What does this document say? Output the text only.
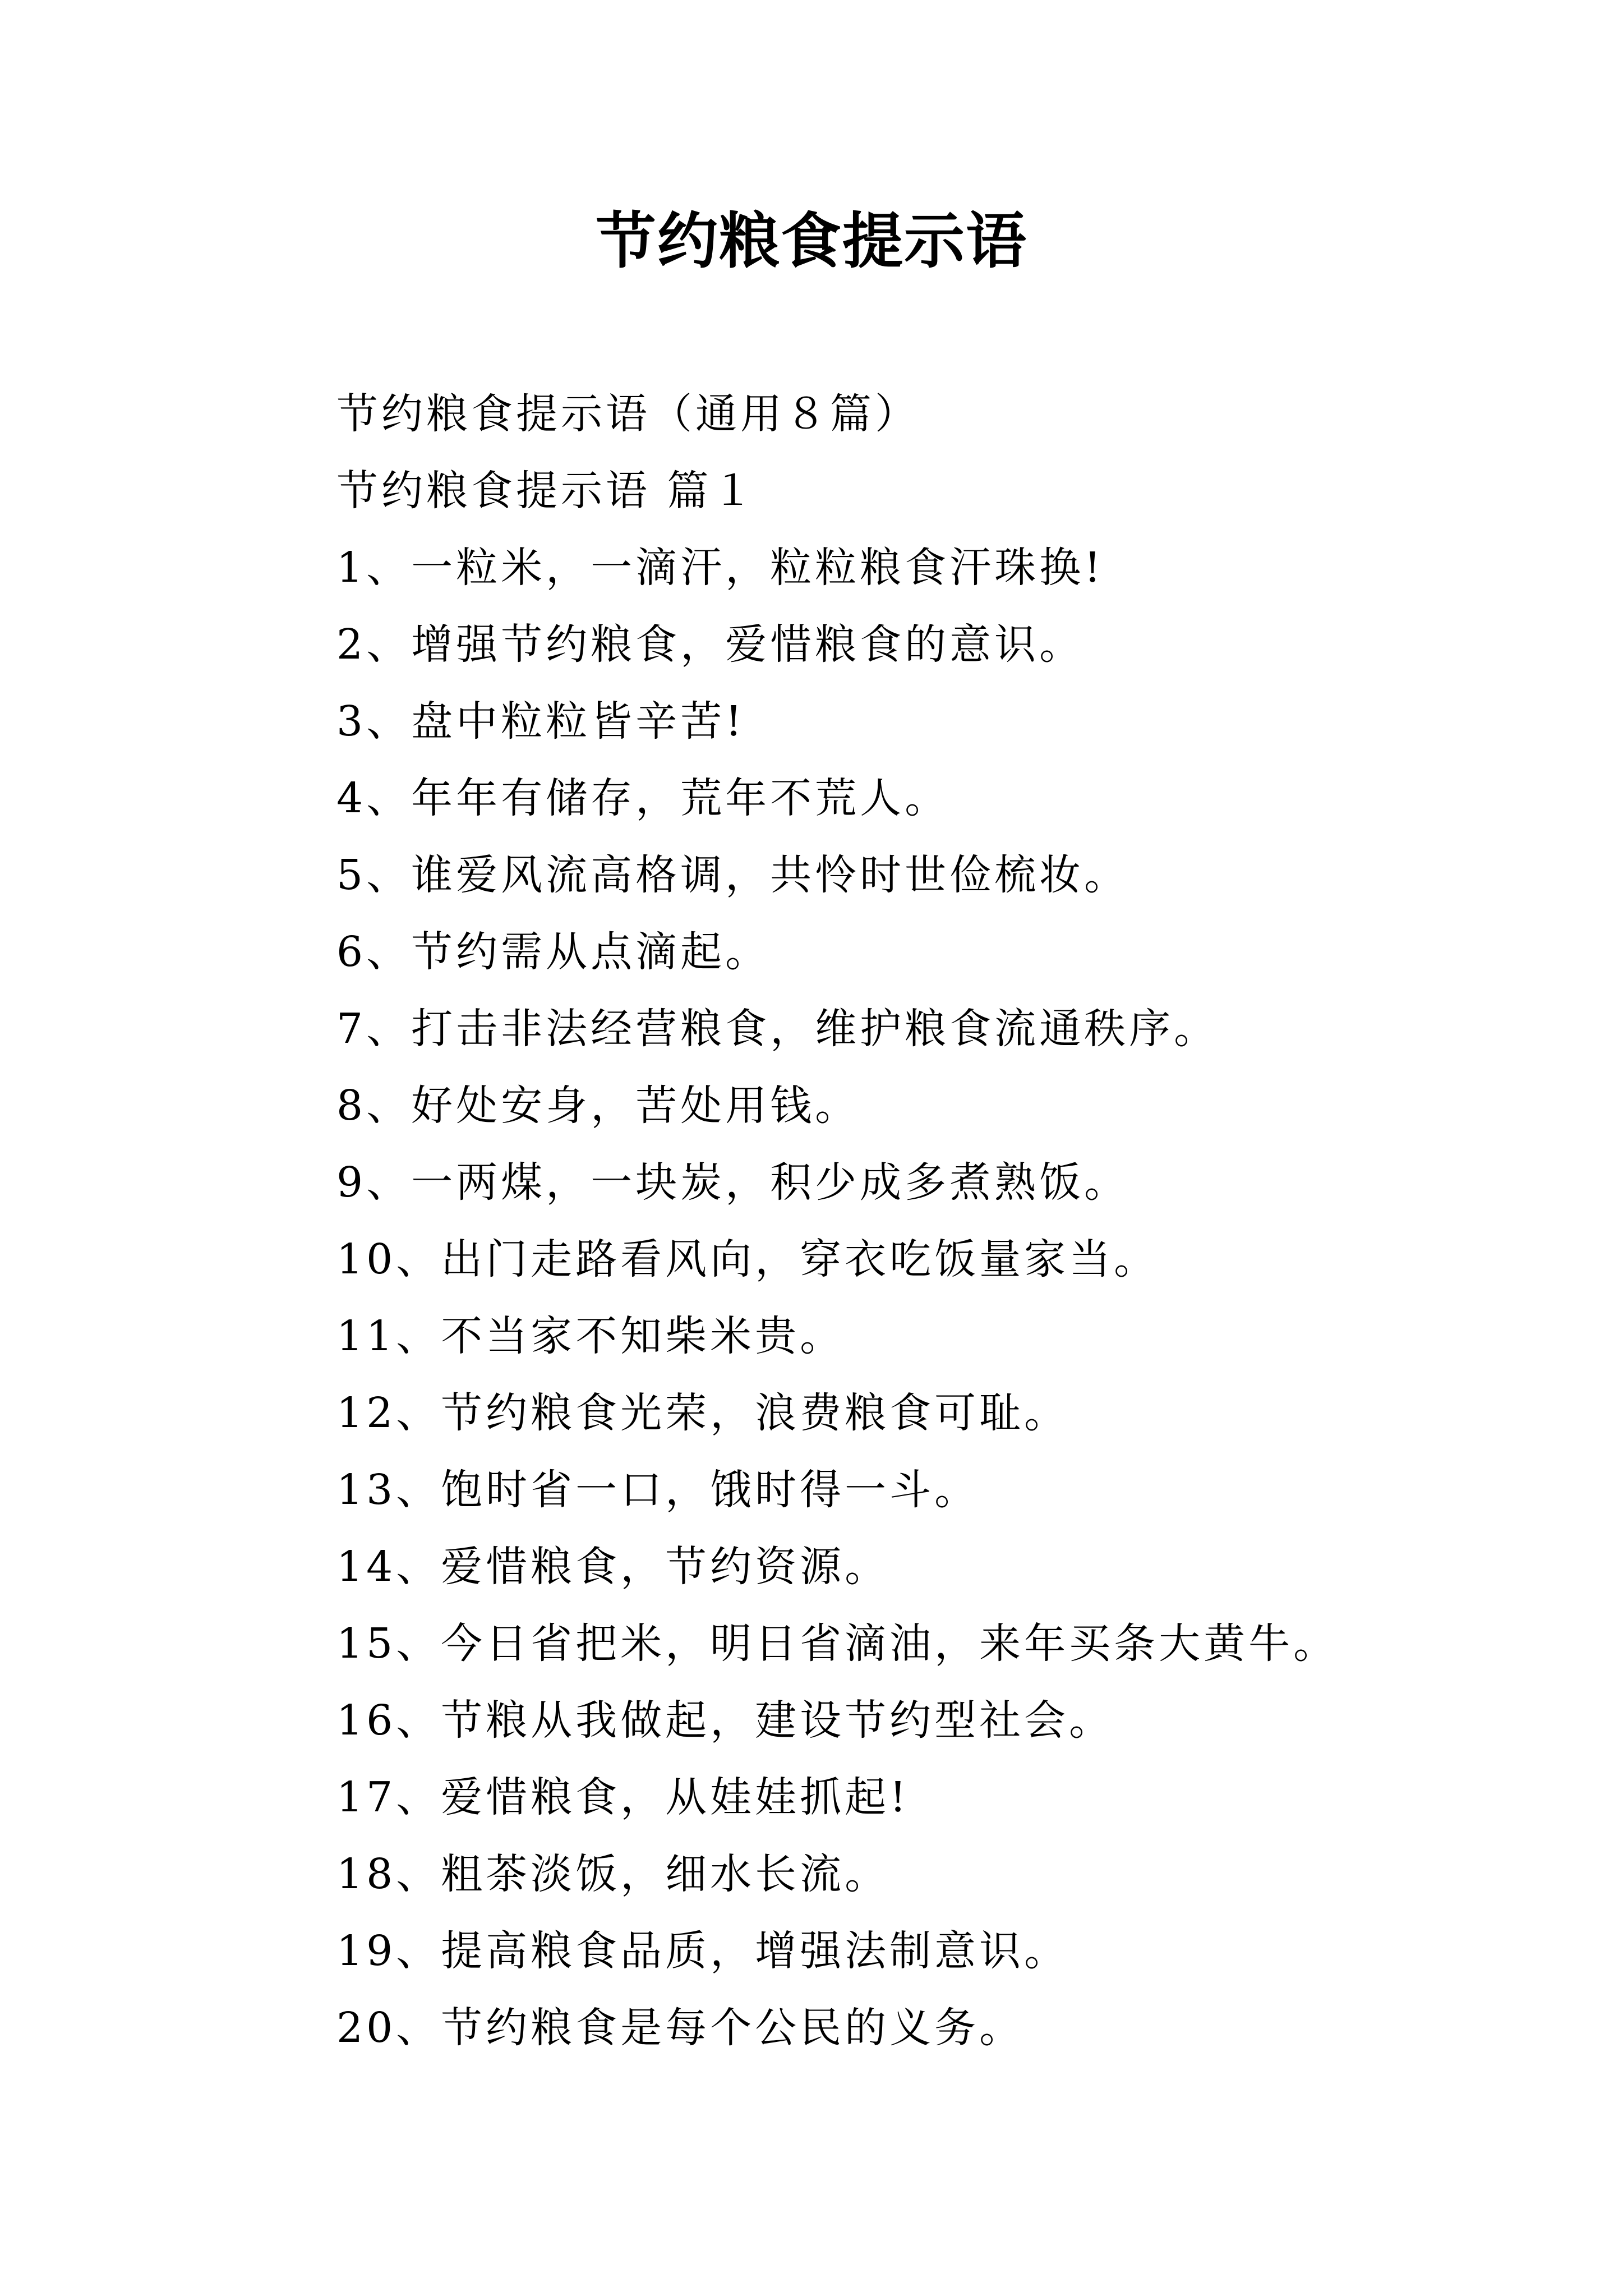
节约粮食提示语
节约粮食提示语（通用８篇）
节约粮食提示语 篇１
1、一粒米，一滴汗，粒粒粮食汗珠换!
2、增强节约粮食，爱惜粮食的意识。
3、盘中粒粒皆辛苦!
4、年年有储存，荒年不荒人。
5、谁爱风流高格调，共怜时世俭梳妆。
6、节约需从点滴起。
7、打击非法经营粮食，维护粮食流通秩序。
8、好处安身，苦处用钱。
9、一两煤，一块炭，积少成多煮熟饭。
10、出门走路看风向，穿衣吃饭量家当。
11、不当家不知柴米贵。
12、节约粮食光荣，浪费粮食可耻。
13、饱时省一口，饿时得一斗。
14、爱惜粮食，节约资源。
15、今日省把米，明日省滴油，来年买条大黄牛。
16、节粮从我做起，建设节约型社会。
17、爱惜粮食，从娃娃抓起!
18、粗茶淡饭，细水长流。
19、提高粮食品质，增强法制意识。
20、节约粮食是每个公民的义务。
